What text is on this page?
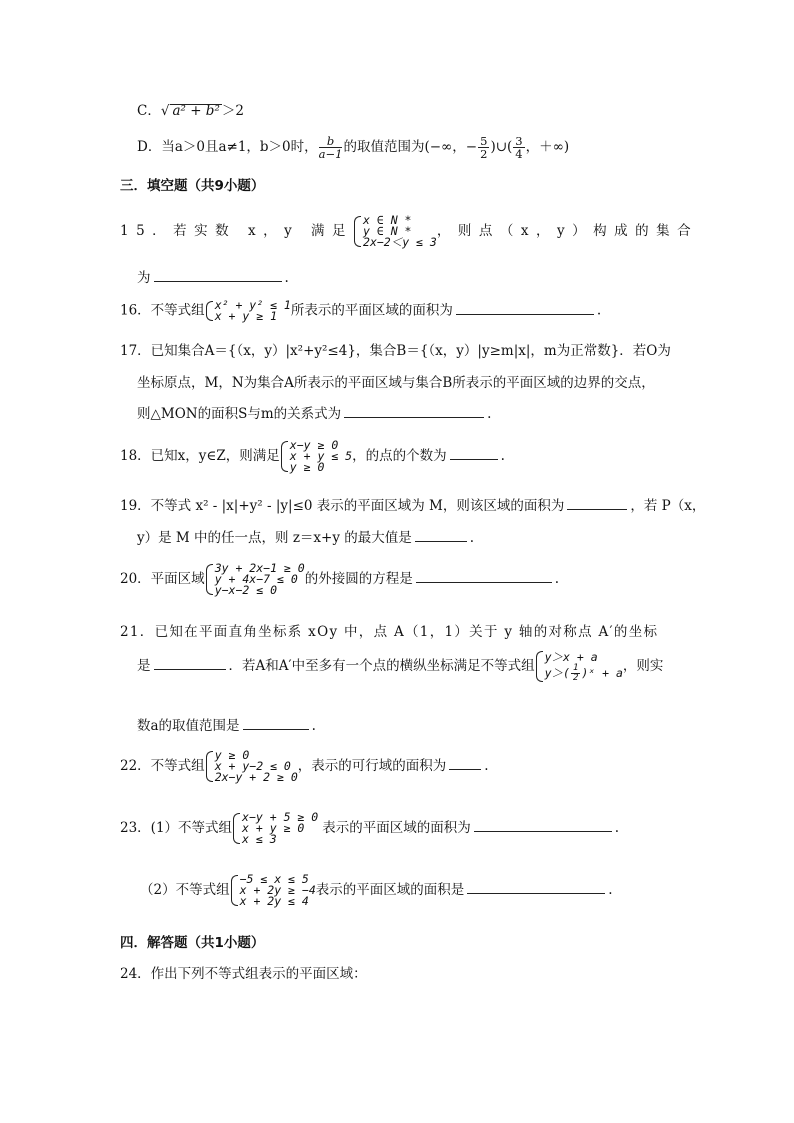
C．√ a² + b² ＞2
D．当a＞0且a≠1，b＞0时， $\frac{b}{a-1}$ 的取值范围为(−∞，− $\frac{5}{2}$ )∪( $\frac{3}{4}$ ，＋∞)
三．填空题（共9小题）
15．若实数 x，y 满足
x ∈ N *
y ∈ N *
2x−2＜y ≤ 3
，则点（x，y）构成的集合
为	.
16．不等式组 x² + y² ≤ 1
x + y ≥ 1	所表示的平面区域的面积为	.
17．已知集合A＝{（x，y）|x²+y²≤4}，集合B＝{（x，y）|y≥m|x|，m为正常数}．若O为
坐标原点，M，N为集合A所表示的平面区域与集合B所表示的平面区域的边界的交点，
则△MON的面积S与m的关系式为	.
18．已知x，y∈Z，则满足
x−y ≥ 0
x + y ≤ 5
y ≥ 0
，的点的个数为	.
19．不等式 x² - |x|+y² - |y|≤0 表示的平面区域为 M，则该区域的面积为	，若 P（x，
y）是 M 中的任一点，则 z＝x+y 的最大值是	.
20．平面区域
3y + 2x−1 ≥ 0
y + 4x−7 ≤ 0
y−x−2 ≤ 0
的外接圆的方程是	.
21．已知在平面直角坐标系 xOy 中，点 A（1，1）关于 y 轴的对称点 A′的坐标
是	．若A和A′中至多有一个点的横纵坐标满足不等式组
y＞x + a
$y>( \frac{1}{2}$ )ˣ + a ，则实
数a的取值范围是	.
22．不等式组
y ≥ 0
x + y−2 ≤ 0
2x−y + 2 ≥ 0
，表示的可行域的面积为	.
23．(1）不等式组
x−y + 5 ≥ 0
x + y ≥ 0
x ≤ 3
表示的平面区域的面积为	.
（2）不等式组
−5 ≤ x ≤ 5
x + 2y ≥ −4
x + 2y ≤ 4
表示的平面区域的面积是	.
四．解答题（共1小题）
24．作出下列不等式组表示的平面区域：
